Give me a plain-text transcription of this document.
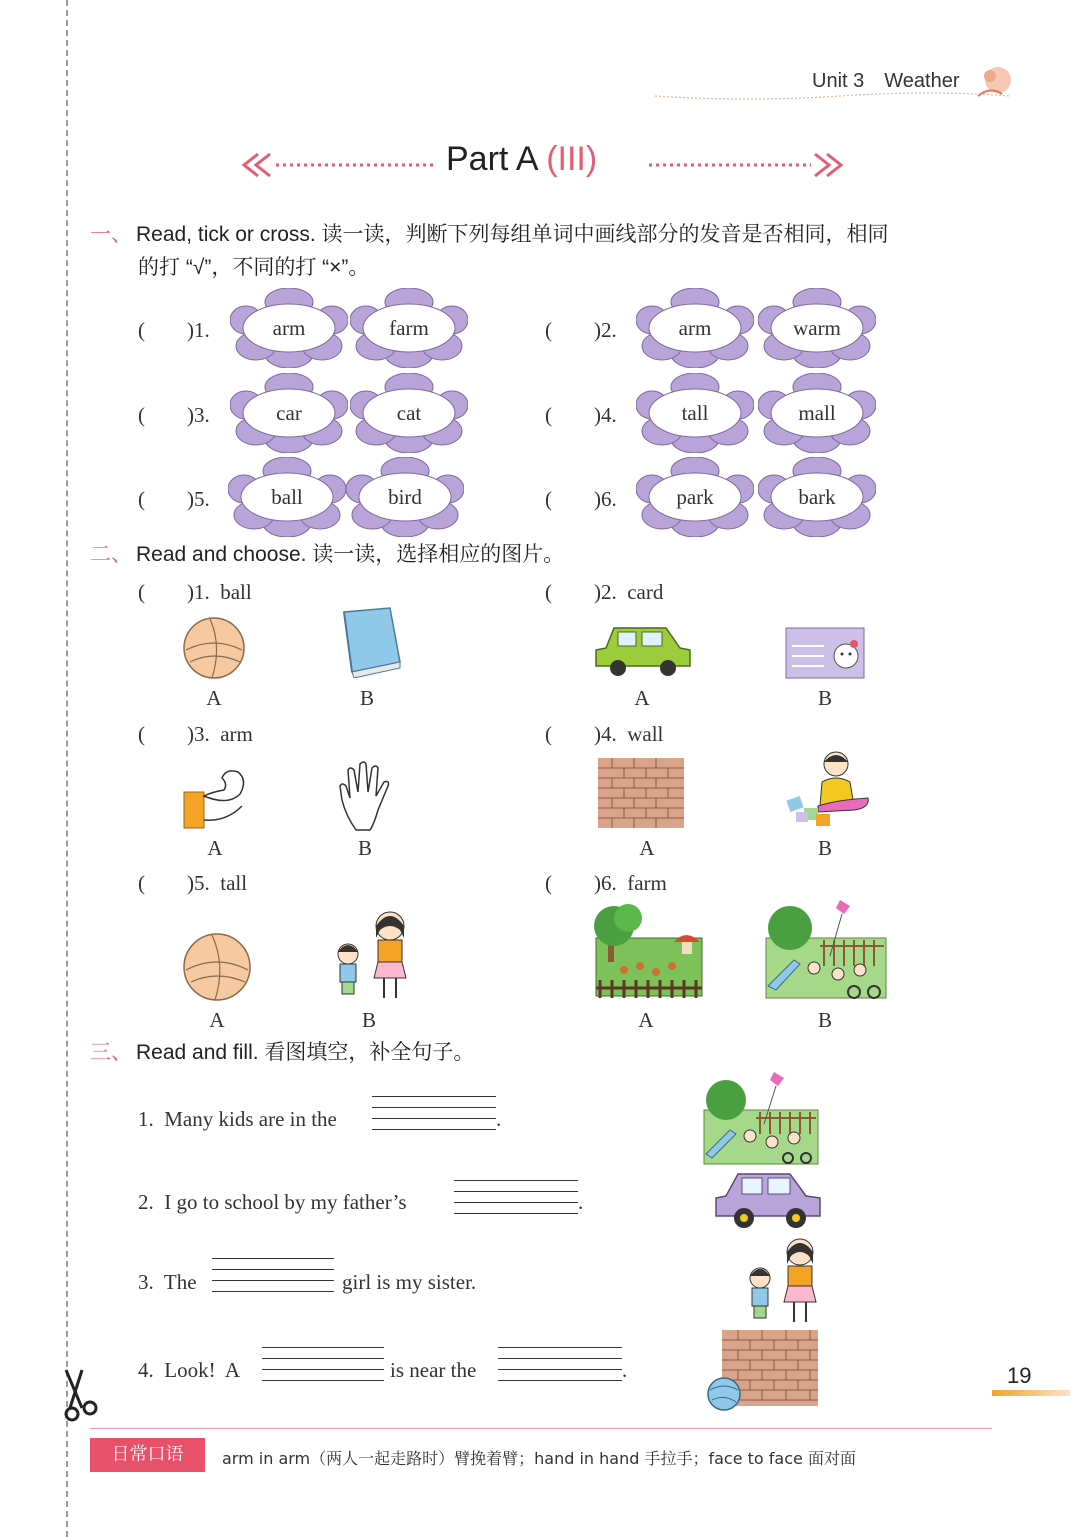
Unit 3 Weather
Part A (III)
一、 Read, tick or cross. 读一读，判断下列每组单词中画线部分的发音是否相同，相同
的打 “√”，不同的打 “×”。
(　　)1.	arm	farm	(　　)2.	arm	warm
(　　)3.	car	cat	(　　)4.	tall	mall
(　　)5.	ball	bird	(　　)6.	park	bark
二、 Read and choose. 读一读，选择相应的图片。
(　　)1.  ball	(　　)2.  card
A	B	A	B
(　　)3.  arm	(　　)4.  wall
A	B	A	B
(　　)5.  tall	(　　)6.  farm
A	B	A	B
三、 Read and fill. 看图填空，补全句子。
1.  Many kids are in the	.
2.  I go to school by my father’s	.
3.  The	girl is my sister.
4.  Look!  A	is near the	.	19
日常口语	arm in arm（两人一起走路时）臂挽着臂；hand in hand 手拉手；face to face 面对面
